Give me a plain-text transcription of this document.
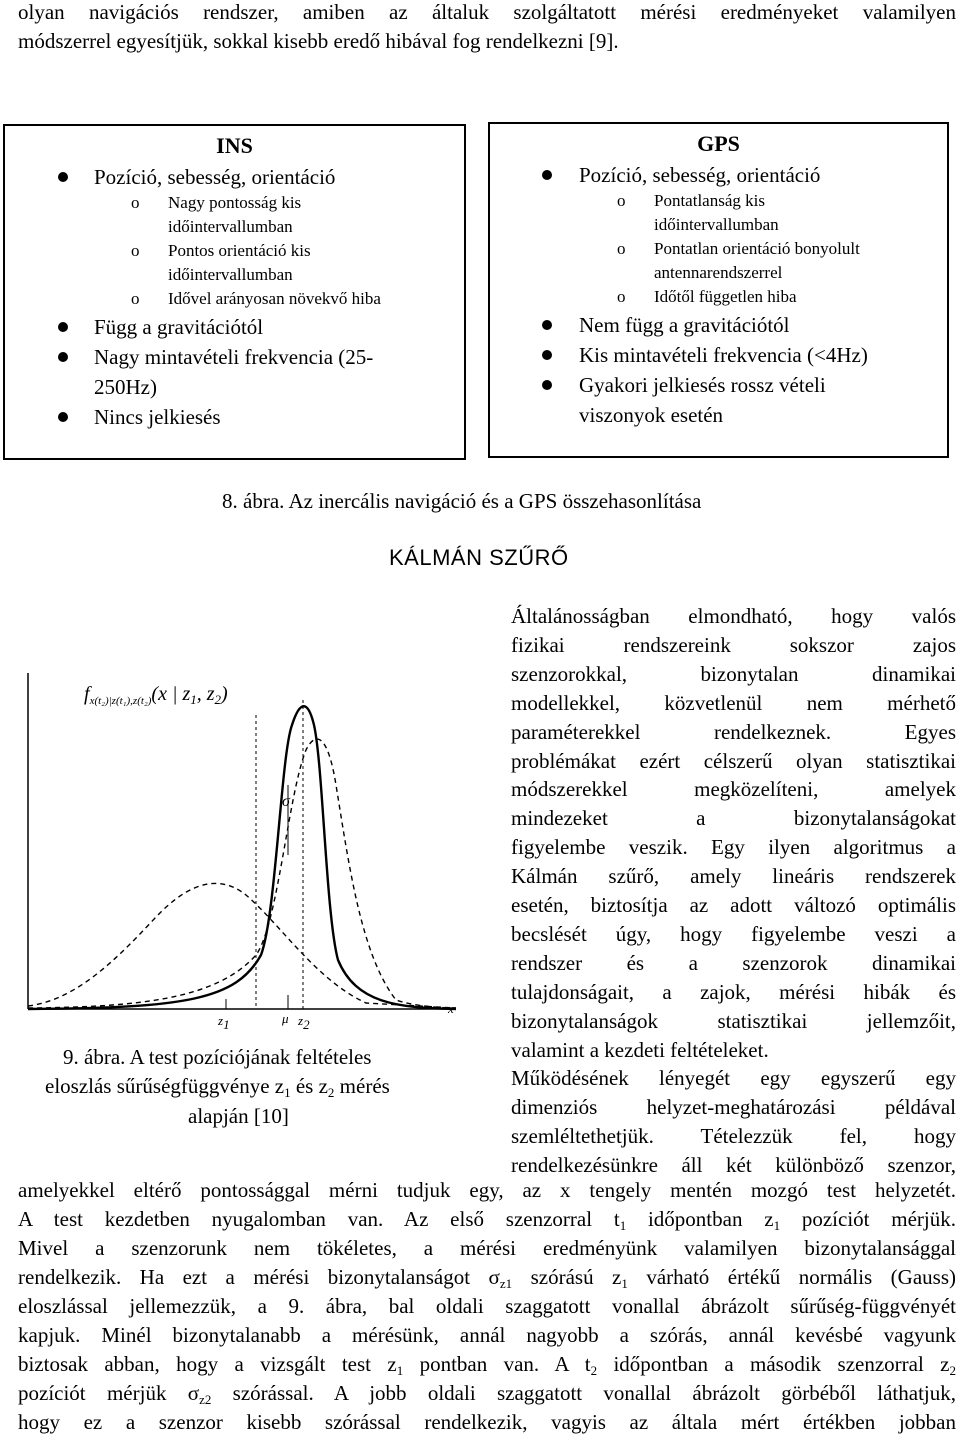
olyan navigációs rendszer, amiben az általuk szolgáltatott mérési eredményeket valamilyen
módszerrel egyesítjük, sokkal kisebb eredő hibával fog rendelkezni [9].
INS
Pozíció, sebesség, orientáció
o Nagy pontosság kis
időintervallumban
o Pontos orientáció kis
időintervallumban
o Idővel arányosan növekvő hiba
Függ a gravitációtól
Nagy mintavételi frekvencia (25-
250Hz)
Nincs jelkiesés
GPS
Pozíció, sebesség, orientáció
o Pontatlanság kis
időintervallumban
o Pontatlan orientáció bonyolult
antennarendszerrel
o Időtől független hiba
Nem függ a gravitációtól
Kis mintavételi frekvencia (<4Hz)
Gyakori jelkiesés rossz vételi
viszonyok esetén
8. ábra. Az inercális navigáció és a GPS összehasonlítása
KÁLMÁN SZŰRŐ
$f_{x(t_2)|z(t_1),z(t_2)}(x$ | $z_1$, $z_2$)
σ
$z_1$	μ $z_2$
x
9. ábra. A test pozíciójának feltételes
eloszlás sűrűségfüggvénye $z_1$ és $z_2$ mérés
alapján [10]
Általánosságban elmondható, hogy valós
fizikai rendszereink sokszor zajos
szenzorokkal, bizonytalan dinamikai
modellekkel, közvetlenül nem mérhető
paraméterekkel rendelkeznek. Egyes
problémákat ezért célszerű olyan statisztikai
módszerekkel megközelíteni, amelyek
mindezeket a bizonytalanságokat
figyelembe veszik. Egy ilyen algoritmus a
Kálmán szűrő, amely lineáris rendszerek
esetén, biztosítja az adott változó optimális
becslését úgy, hogy figyelembe veszi a
rendszer és a szenzorok dinamikai
tulajdonságait, a zajok, mérési hibák és
bizonytalanságok statisztikai jellemzőit,
valamint a kezdeti feltételeket.
Működésének lényegét egy egyszerű egy
dimenziós helyzet-meghatározási példával
szemléltethetjük. Tételezzük fel, hogy
rendelkezésünkre áll két különböző szenzor,
amelyekkel eltérő pontossággal mérni tudjuk egy, az x tengely mentén mozgó test helyzetét.
A test kezdetben nyugalomban van. Az első szenzorral $t_1$ időpontban $z_1$ pozíciót mérjük.
Mivel a szenzorunk nem tökéletes, a mérési eredményünk valamilyen bizonytalansággal
rendelkezik. Ha ezt a mérési bizonytalanságot $\sigma_{z1}$ szórású $z_1$ várható értékű normális (Gauss)
eloszlással jellemezzük, a 9. ábra, bal oldali szaggatott vonallal ábrázolt sűrűség-függvényét
kapjuk. Minél bizonytalanabb a mérésünk, annál nagyobb a szórás, annál kevésbé vagyunk
biztosak abban, hogy a vizsgált test $z_1$ pontban van. A $t_2$ időpontban a második szenzorral $z_2$
pozíciót mérjük $\sigma_{z2}$ szórással. A jobb oldali szaggatott vonallal ábrázolt görbéből láthatjuk,
hogy ez a szenzor kisebb szórással rendelkezik, vagyis az általa mért értékben jobban
